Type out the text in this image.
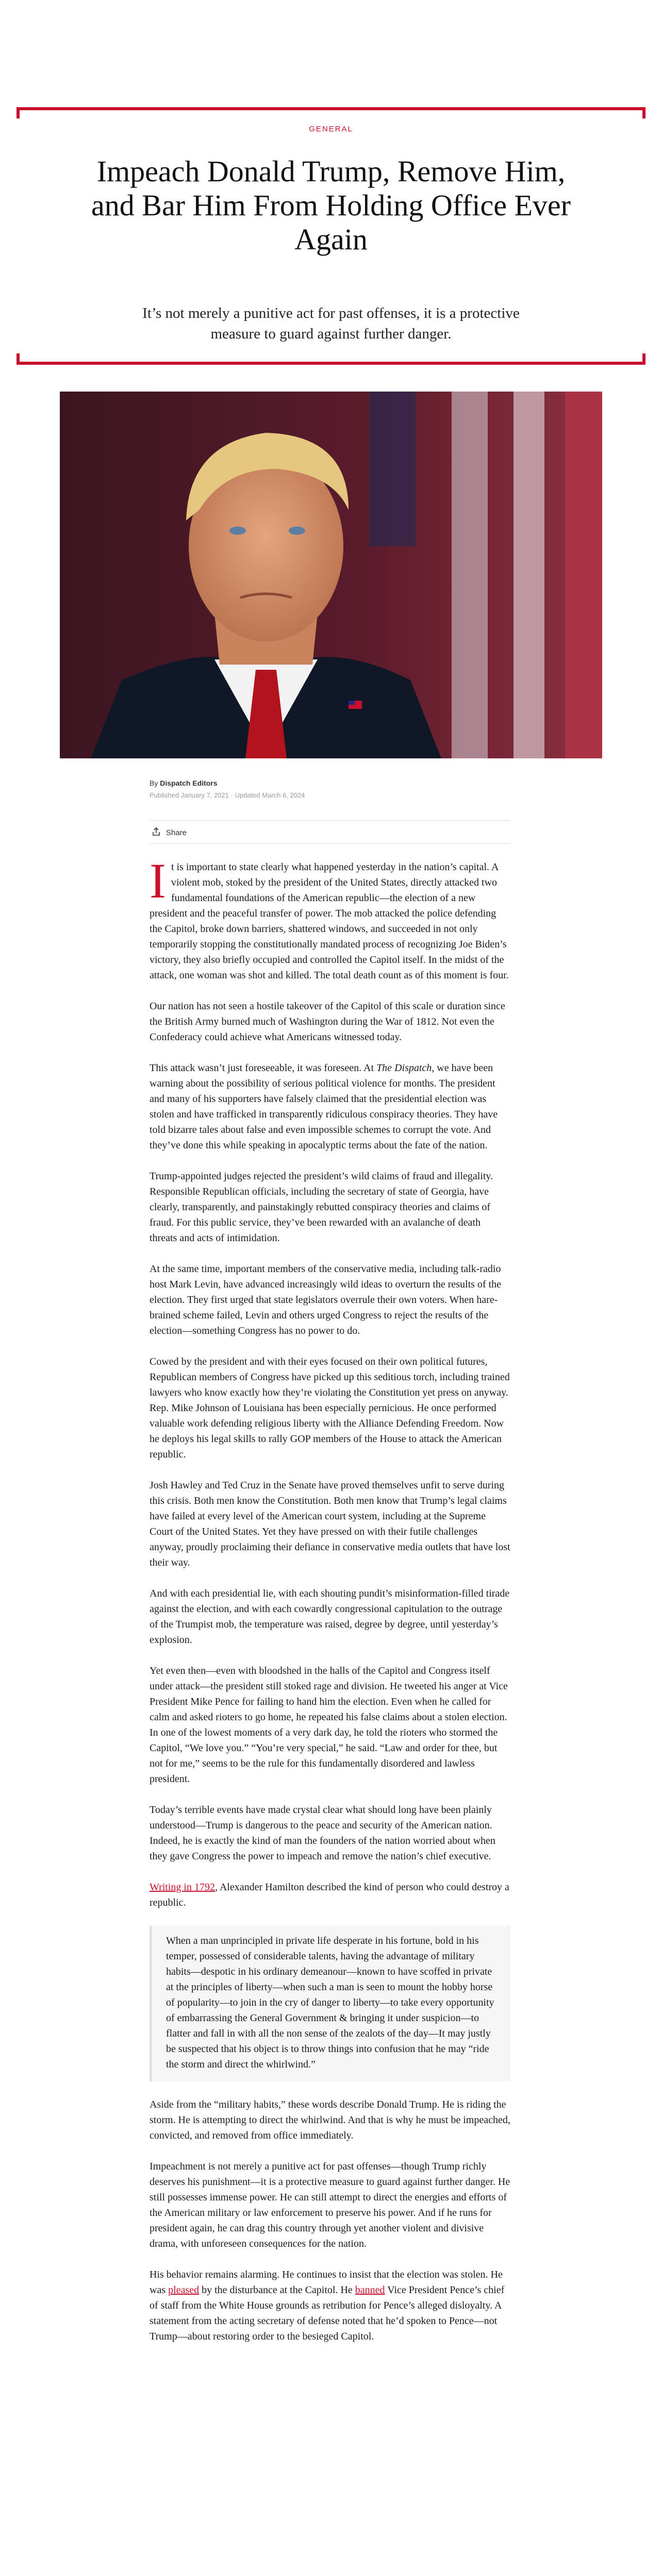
GENERAL
Impeach Donald Trump, Remove Him, and Bar Him From Holding Office Ever Again

It’s not merely a punitive act for past offenses, it is a protective measure to guard against further danger.

By Dispatch Editors
Published January 7, 2021 · Updated March 6, 2024
Share

It is important to state clearly what happened yesterday in the nation’s capital. A violent mob, stoked by the president of the United States, directly attacked two fundamental foundations of the American republic—the election of a new president and the peaceful transfer of power. The mob attacked the police defending the Capitol, broke down barriers, shattered windows, and succeeded in not only temporarily stopping the constitutionally mandated process of recognizing Joe Biden’s victory, they also briefly occupied and controlled the Capitol itself. In the midst of the attack, one woman was shot and killed. The total death count as of this moment is four.

Our nation has not seen a hostile takeover of the Capitol of this scale or duration since the British Army burned much of Washington during the War of 1812. Not even the Confederacy could achieve what Americans witnessed today.

This attack wasn’t just foreseeable, it was foreseen. At The Dispatch, we have been warning about the possibility of serious political violence for months. The president and many of his supporters have falsely claimed that the presidential election was stolen and have trafficked in transparently ridiculous conspiracy theories. They have told bizarre tales about false and even impossible schemes to corrupt the vote. And they’ve done this while speaking in apocalyptic terms about the fate of the nation.

Trump-appointed judges rejected the president’s wild claims of fraud and illegality. Responsible Republican officials, including the secretary of state of Georgia, have clearly, transparently, and painstakingly rebutted conspiracy theories and claims of fraud. For this public service, they’ve been rewarded with an avalanche of death threats and acts of intimidation.

At the same time, important members of the conservative media, including talk-radio host Mark Levin, have advanced increasingly wild ideas to overturn the results of the election. They first urged that state legislators overrule their own voters. When hare-brained scheme failed, Levin and others urged Congress to reject the results of the election—something Congress has no power to do.

Cowed by the president and with their eyes focused on their own political futures, Republican members of Congress have picked up this seditious torch, including trained lawyers who know exactly how they’re violating the Constitution yet press on anyway. Rep. Mike Johnson of Louisiana has been especially pernicious. He once performed valuable work defending religious liberty with the Alliance Defending Freedom. Now he deploys his legal skills to rally GOP members of the House to attack the American republic.

Josh Hawley and Ted Cruz in the Senate have proved themselves unfit to serve during this crisis. Both men know the Constitution. Both men know that Trump’s legal claims have failed at every level of the American court system, including at the Supreme Court of the United States. Yet they have pressed on with their futile challenges anyway, proudly proclaiming their defiance in conservative media outlets that have lost their way.

And with each presidential lie, with each shouting pundit’s misinformation-filled tirade against the election, and with each cowardly congressional capitulation to the outrage of the Trumpist mob, the temperature was raised, degree by degree, until yesterday’s explosion.

Yet even then—even with bloodshed in the halls of the Capitol and Congress itself under attack—the president still stoked rage and division. He tweeted his anger at Vice President Mike Pence for failing to hand him the election. Even when he called for calm and asked rioters to go home, he repeated his false claims about a stolen election. In one of the lowest moments of a very dark day, he told the rioters who stormed the Capitol, “We love you.” “You’re very special,” he said. “Law and order for thee, but not for me,” seems to be the rule for this fundamentally disordered and lawless president.

Today’s terrible events have made crystal clear what should long have been plainly understood—Trump is dangerous to the peace and security of the American nation. Indeed, he is exactly the kind of man the founders of the nation worried about when they gave Congress the power to impeach and remove the nation’s chief executive.

Writing in 1792, Alexander Hamilton described the kind of person who could destroy a republic.

When a man unprincipled in private life desperate in his fortune, bold in his temper, possessed of considerable talents, having the advantage of military habits—despotic in his ordinary demeanour—known to have scoffed in private at the principles of liberty—when such a man is seen to mount the hobby horse of popularity—to join in the cry of danger to liberty—to take every opportunity of embarrassing the General Government & bringing it under suspicion—to flatter and fall in with all the non sense of the zealots of the day—It may justly be suspected that his object is to throw things into confusion that he may “ride the storm and direct the whirlwind.”

Aside from the “military habits,” these words describe Donald Trump. He is riding the storm. He is attempting to direct the whirlwind. And that is why he must be impeached, convicted, and removed from office immediately.

Impeachment is not merely a punitive act for past offenses—though Trump richly deserves his punishment—it is a protective measure to guard against further danger. He still possesses immense power. He can still attempt to direct the energies and efforts of the American military or law enforcement to preserve his power. And if he runs for president again, he can drag this country through yet another violent and divisive drama, with unforeseen consequences for the nation.

His behavior remains alarming. He continues to insist that the election was stolen. He was pleased by the disturbance at the Capitol. He banned Vice President Pence’s chief of staff from the White House grounds as retribution for Pence’s alleged disloyalty. A statement from the acting secretary of defense noted that he’d spoken to Pence—not Trump—about restoring order to the besieged Capitol.
